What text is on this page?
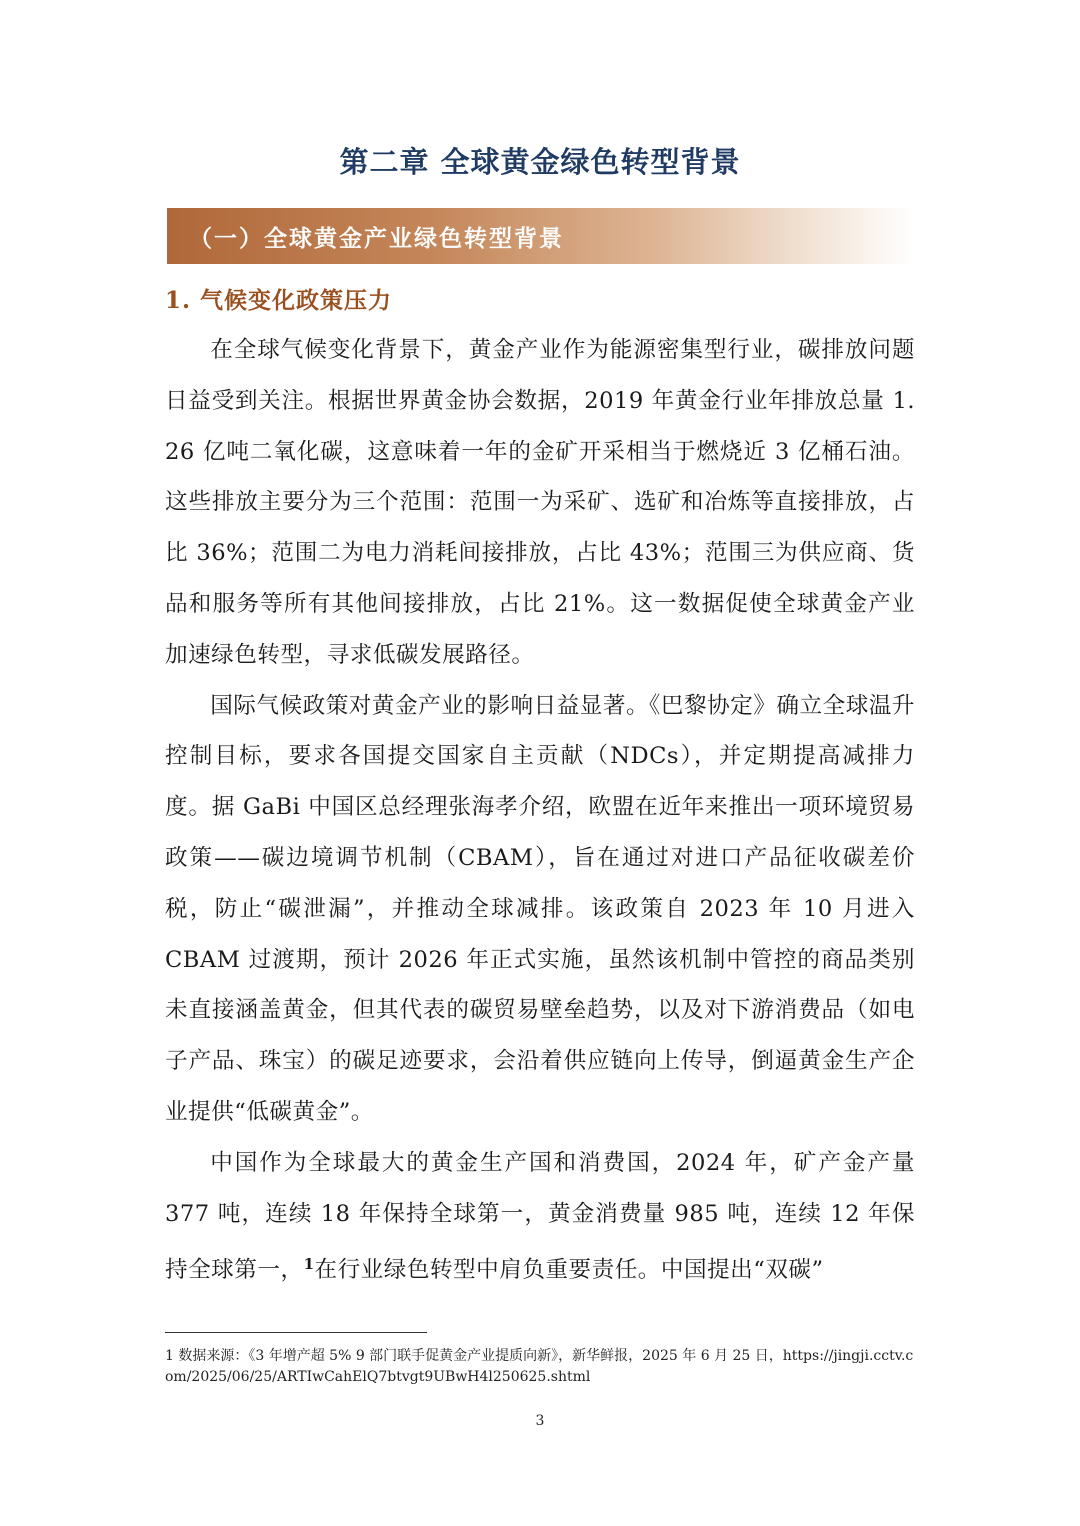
第二章 全球黄金绿色转型背景
（一）全球黄金产业绿色转型背景
1. 气候变化政策压力

在全球气候变化背景下，黄金产业作为能源密集型行业，碳排放问题日益受到关注。根据世界黄金协会数据，2019 年黄金行业年排放总量 1. 26 亿吨二氧化碳，这意味着一年的金矿开采相当于燃烧近 3 亿桶石油。这些排放主要分为三个范围：范围一为采矿、选矿和冶炼等直接排放，占比 36%；范围二为电力消耗间接排放，占比 43%；范围三为供应商、货品和服务等所有其他间接排放，占比 21%。这一数据促使全球黄金产业加速绿色转型，寻求低碳发展路径。

国际气候政策对黄金产业的影响日益显著。《巴黎协定》确立全球温升控制目标，要求各国提交国家自主贡献（NDCs），并定期提高减排力度。据 GaBi 中国区总经理张海孝介绍，欧盟在近年来推出一项环境贸易政策——碳边境调节机制（CBAM），旨在通过对进口产品征收碳差价税，防止“碳泄漏”，并推动全球减排。该政策自 2023 年 10 月进入 CBAM 过渡期，预计 2026 年正式实施，虽然该机制中管控的商品类别未直接涵盖黄金，但其代表的碳贸易壁垒趋势，以及对下游消费品（如电子产品、珠宝）的碳足迹要求，会沿着供应链向上传导，倒逼黄金生产企业提供“低碳黄金”。

中国作为全球最大的黄金生产国和消费国，2024 年，矿产金产量 377 吨，连续 18 年保持全球第一，黄金消费量 985 吨，连续 12 年保持全球第一，$^1$在行业绿色转型中肩负重要责任。中国提出“双碳”

1 数据来源：《3 年增产超 5% 9 部门联手促黄金产业提质向新》，新华鲜报，2025 年 6 月 25 日，https://jingji.cctv.com/2025/06/25/ARTIwCahElQ7btvgt9UBwH4l250625.shtml
3
